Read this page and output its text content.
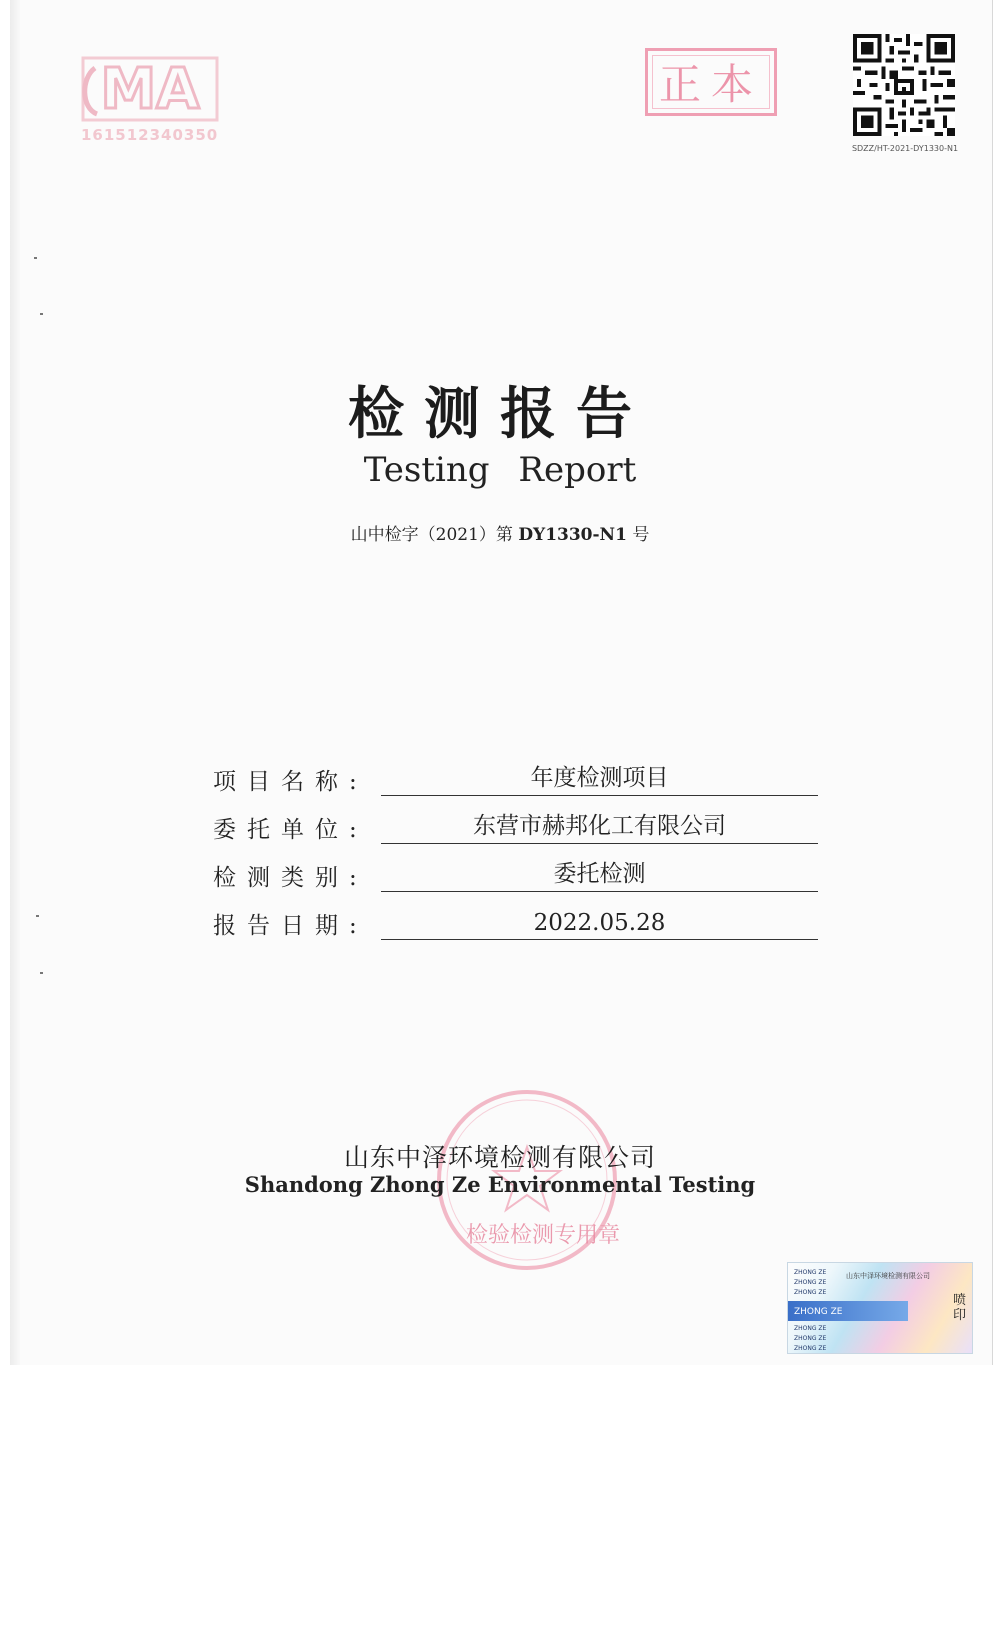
MA
161512340350
正本
SDZZ/HT-2021-DY1330-N1
检测报告
Testing Report
山中检字（2021）第 DY1330-N1 号
项目名称:	年度检测项目
委托单位:	东营市赫邦化工有限公司
检测类别:	委托检测
报告日期:	2022.05.28
山东中泽环境检测有限公司
Shandong Zhong Ze Environmental Testing
检验检测专用章
ZHONG ZE
ZHONG ZE
ZHONG ZE
ZHONG ZE
ZHONG ZE
ZHONG ZE
ZHONG ZE
山东中泽环境检测有限公司
喷印
